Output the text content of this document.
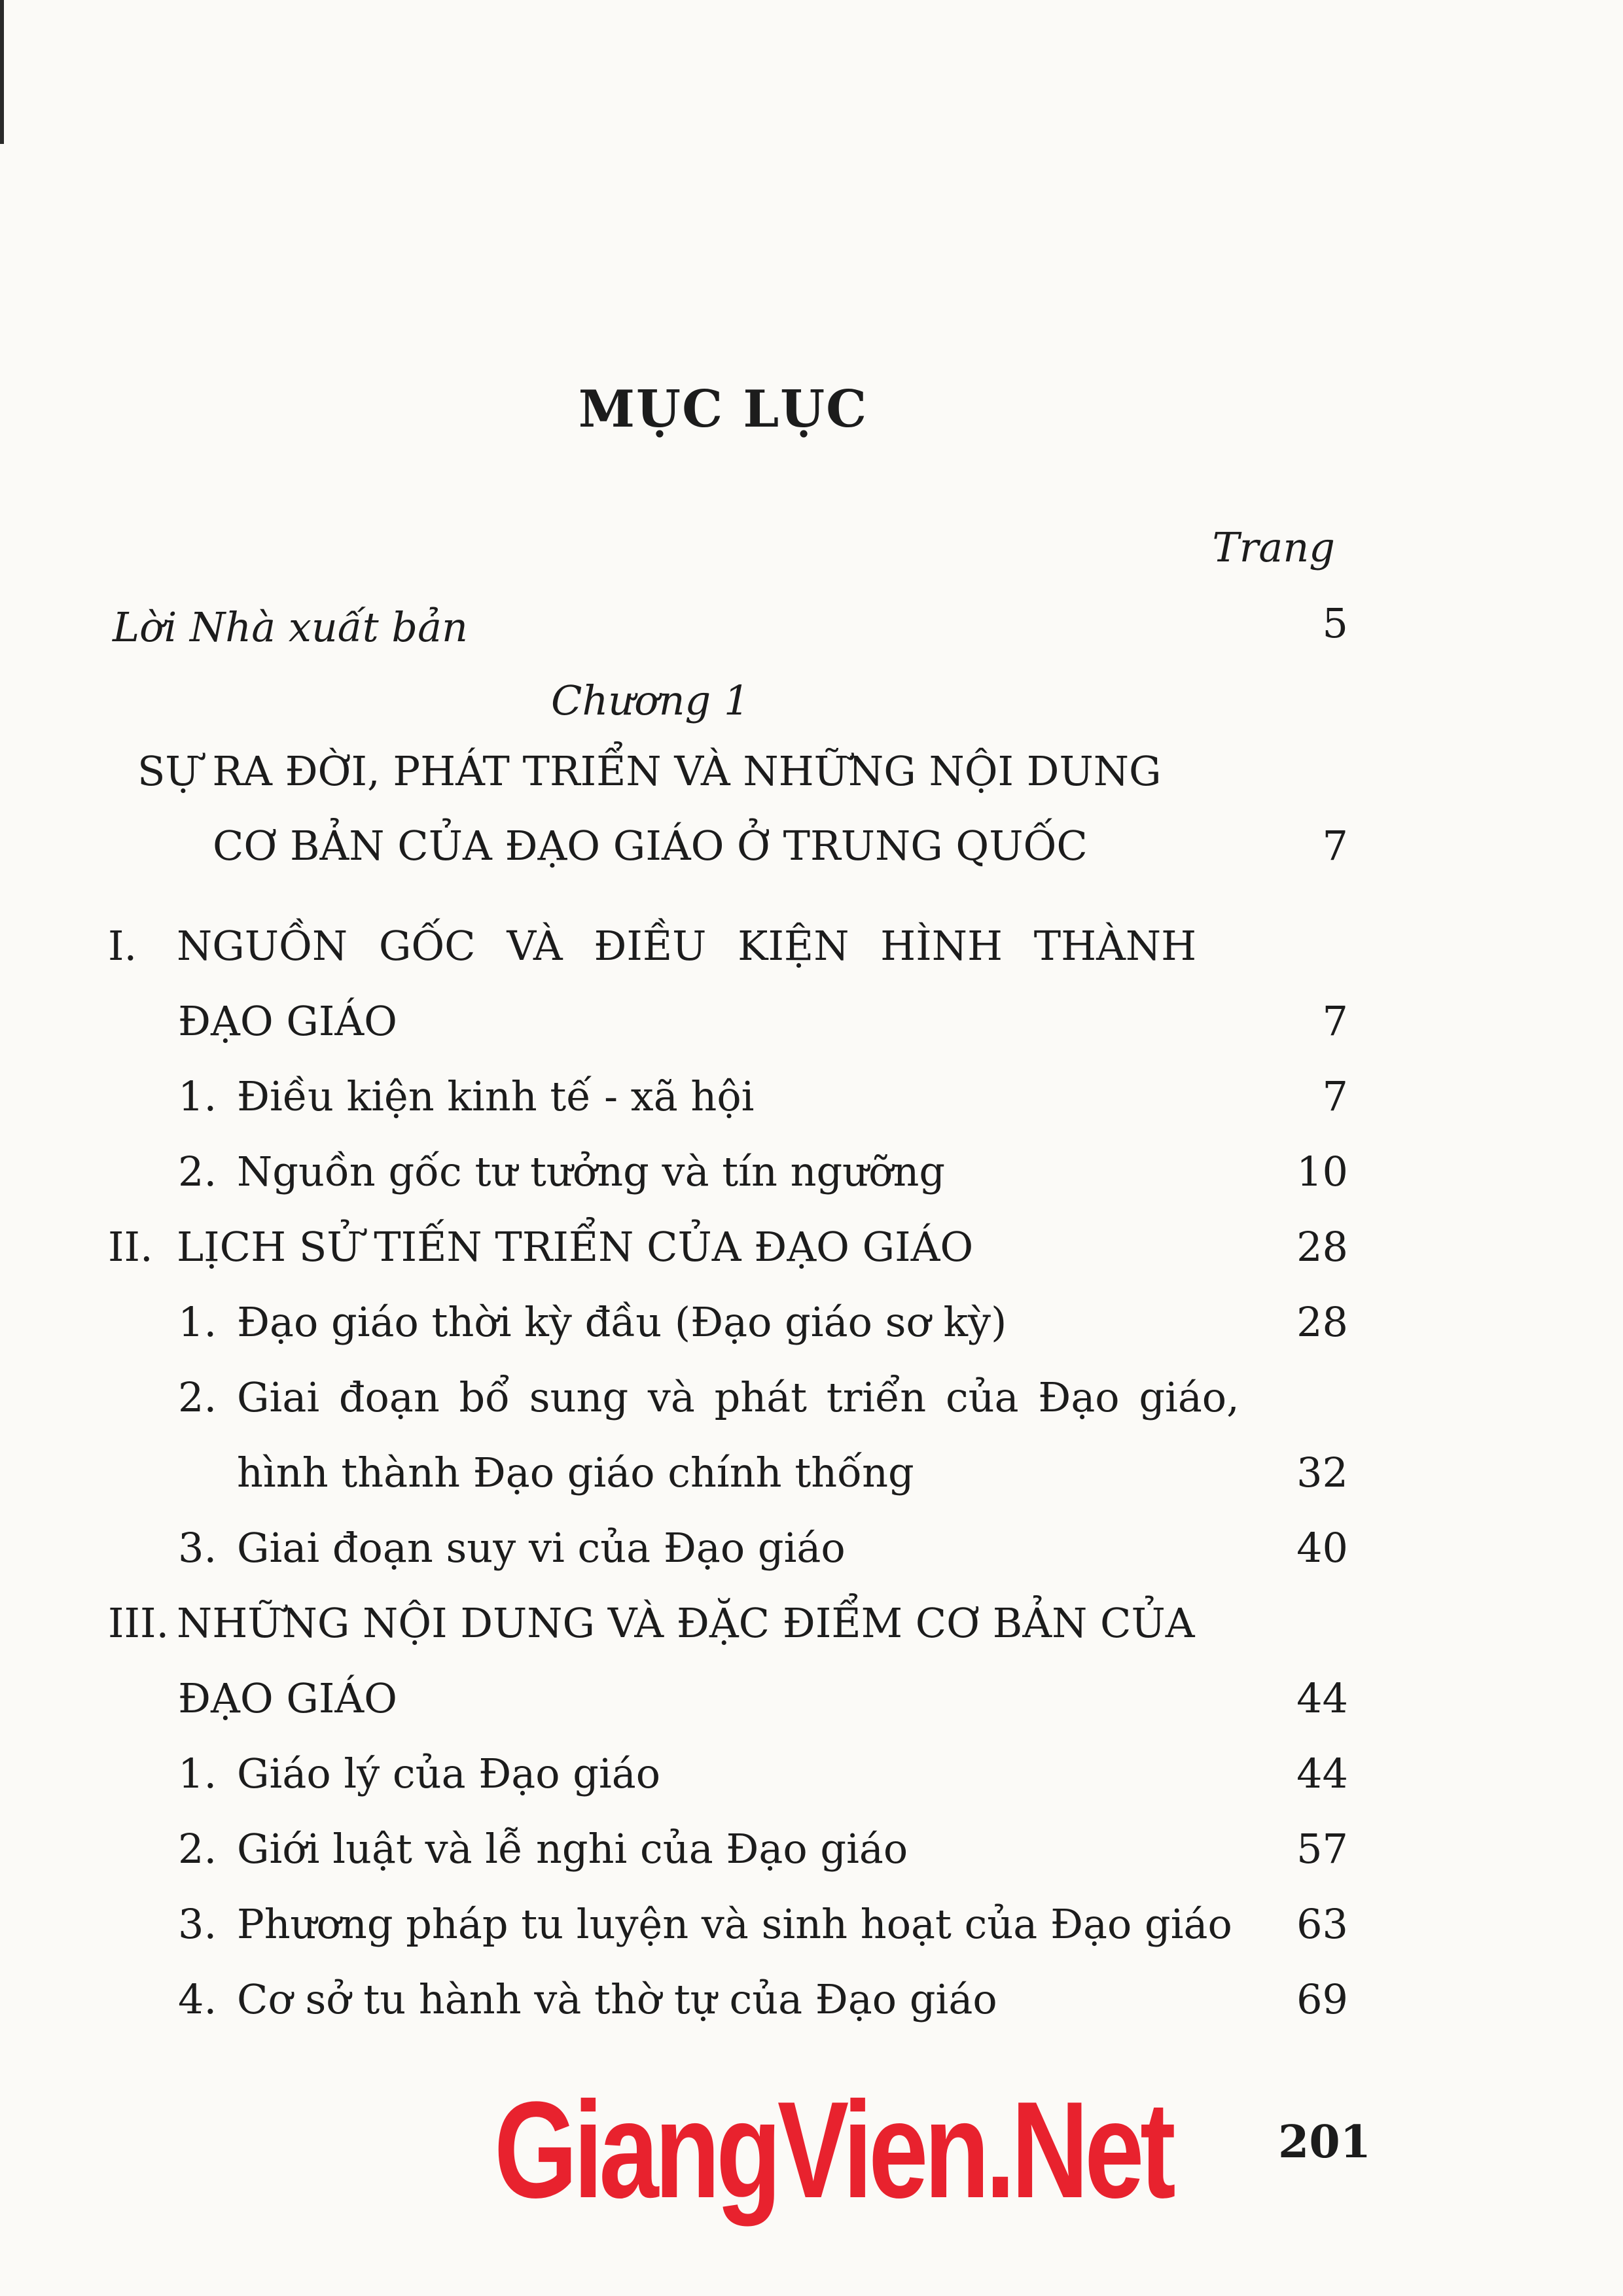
MỤC LỤC
Trang
Lời Nhà xuất bản	5
Chương 1
SỰ RA ĐỜI, PHÁT TRIỂN VÀ NHỮNG NỘI DUNG
CƠ BẢN CỦA ĐẠO GIÁO Ở TRUNG QUỐC	7
I. NGUỒN GỐC VÀ ĐIỀU KIỆN HÌNH THÀNH
ĐẠO GIÁO	7
1. Điều kiện kinh tế - xã hội	7
2. Nguồn gốc tư tưởng và tín ngưỡng	10
II. LỊCH SỬ TIẾN TRIỂN CỦA ĐẠO GIÁO	28
1. Đạo giáo thời kỳ đầu (Đạo giáo sơ kỳ)	28
2. Giai đoạn bổ sung và phát triển của Đạo giáo,
hình thành Đạo giáo chính thống	32
3. Giai đoạn suy vi của Đạo giáo	40
III. NHỮNG NỘI DUNG VÀ ĐẶC ĐIỂM CƠ BẢN CỦA
ĐẠO GIÁO	44
1. Giáo lý của Đạo giáo	44
2. Giới luật và lễ nghi của Đạo giáo	57
3. Phương pháp tu luyện và sinh hoạt của Đạo giáo 63
4. Cơ sở tu hành và thờ tự của Đạo giáo	69
GiangVien.Net 201
